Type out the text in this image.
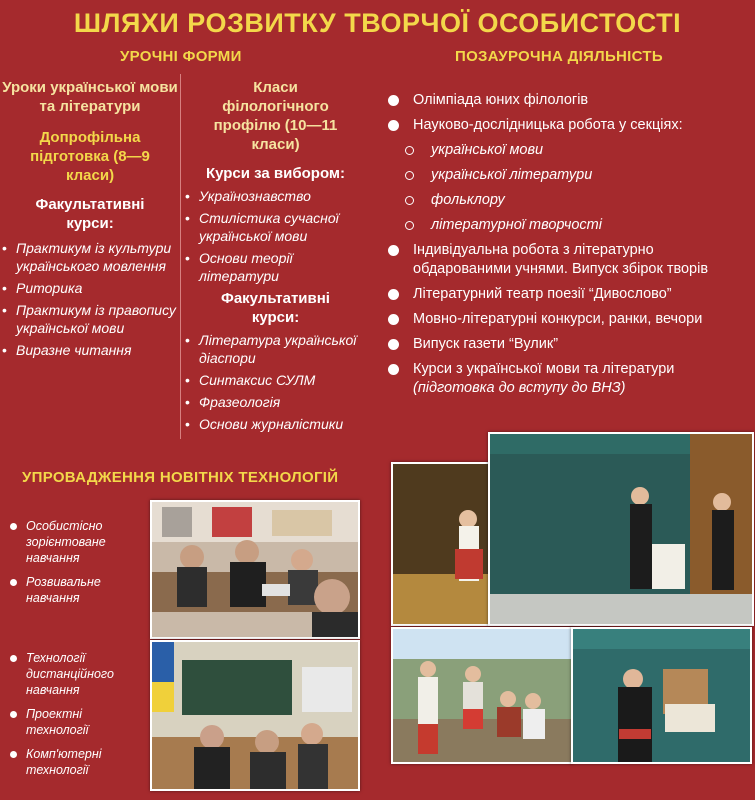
ШЛЯХИ РОЗВИТКУ ТВОРЧОЇ ОСОБИСТОСТІ
УРОЧНІ ФОРМИ	ПОЗАУРОЧНА ДІЯЛЬНІСТЬ
Уроки української мови та літератури
Допрофільна підготовка (8—9 класи)
Факультативні курси:
• Практикум із культури українського мовлення
• Риторика
• Практикум із правопису української мови
• Виразне читання
Класи філологічного профілю (10—11 класи)
Курси за вибором:
• Українознавство
• Стилістика сучасної української мови
• Основи теорії літератури
Факультативні курси:
• Література української діаспори
• Синтаксис СУЛМ
• Фразеологія
• Основи журналістики
Олімпіада юних філологів
Науково-дослідницька робота у секціях:
української мови
української літератури
фольклору
літературної творчості
Індивідуальна робота з літературно обдарованими учнями. Випуск збірок творів
Літературний театр поезії “Дивослово”
Мовно-літературні конкурси, ранки, вечори
Випуск газети “Вулик”
Курси з української мови та літератури
(підготовка до вступу до ВНЗ)
УПРОВАДЖЕННЯ НОВІТНІХ ТЕХНОЛОГІЙ
Особистісно зорієнтоване навчання
Розвивальне навчання
Технології дистанційного навчання
Проектні технології
Комп'ютерні технології
